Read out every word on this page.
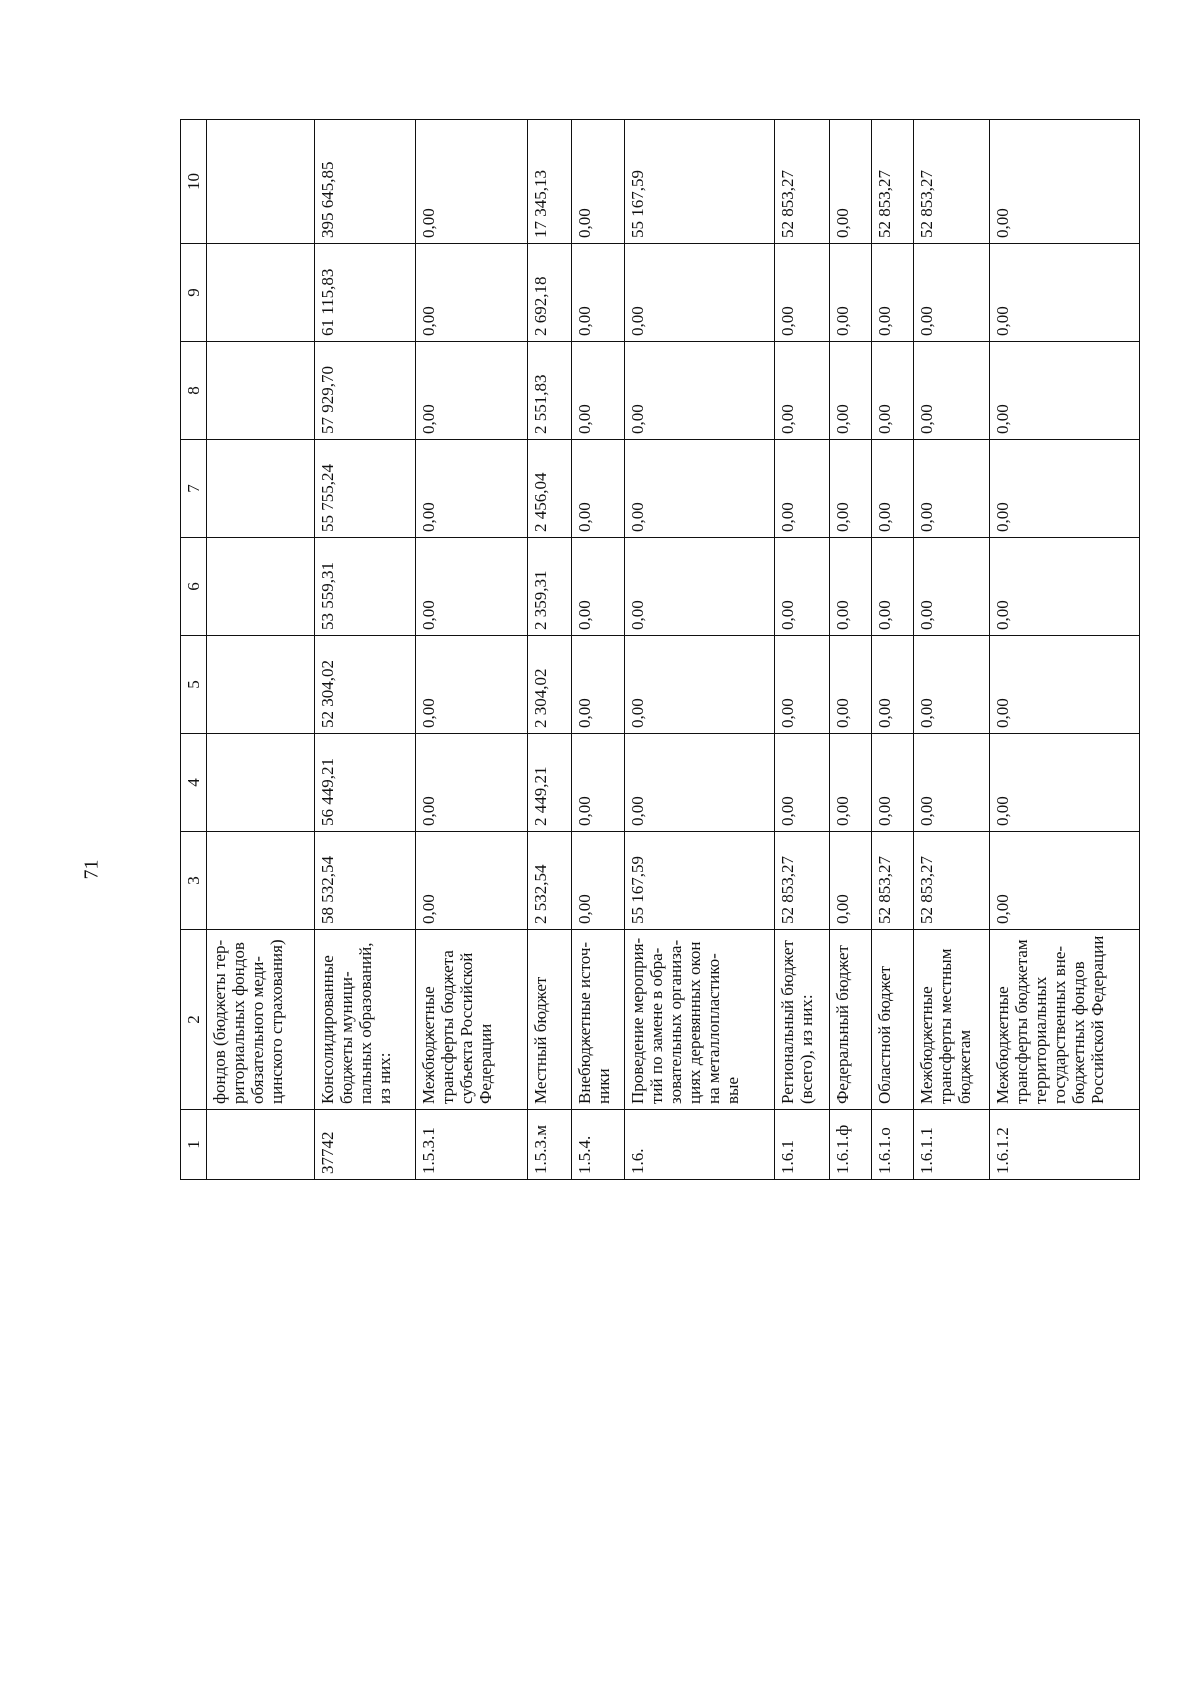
71
1	2	3	4	5	6	7	8	9	10
	фондов (бюджеты тер-риториальных фондов обязательного меди-цинского страхования)								
37742	Консолидированные бюджеты муници-пальных образований, из них:	58 532,54	56 449,21	52 304,02	53 559,31	55 755,24	57 929,70	61 115,83	395 645,85
1.5.3.1	Межбюджетные трансферты бюджета субъекта Российской Федерации	0,00	0,00	0,00	0,00	0,00	0,00	0,00	0,00
1.5.3.м	Местный бюджет	2 532,54	2 449,21	2 304,02	2 359,31	2 456,04	2 551,83	2 692,18	17 345,13
1.5.4.	Внебюджетные источ-ники	0,00	0,00	0,00	0,00	0,00	0,00	0,00	0,00
1.6.	Проведение мероприя-тий по замене в обра-зовательных организа-циях деревянных окон на металлопластико-вые	55 167,59	0,00	0,00	0,00	0,00	0,00	0,00	55 167,59
1.6.1	Региональный бюджет (всего), из них:	52 853,27	0,00	0,00	0,00	0,00	0,00	0,00	52 853,27
1.6.1.ф	Федеральный бюджет	0,00	0,00	0,00	0,00	0,00	0,00	0,00	0,00
1.6.1.о	Областной бюджет	52 853,27	0,00	0,00	0,00	0,00	0,00	0,00	52 853,27
1.6.1.1	Межбюджетные трансферты местным бюджетам	52 853,27	0,00	0,00	0,00	0,00	0,00	0,00	52 853,27
1.6.1.2	Межбюджетные трансферты бюджетам территориальных государственных вне-бюджетных фондов Российской Федерации	0,00	0,00	0,00	0,00	0,00	0,00	0,00	0,00
